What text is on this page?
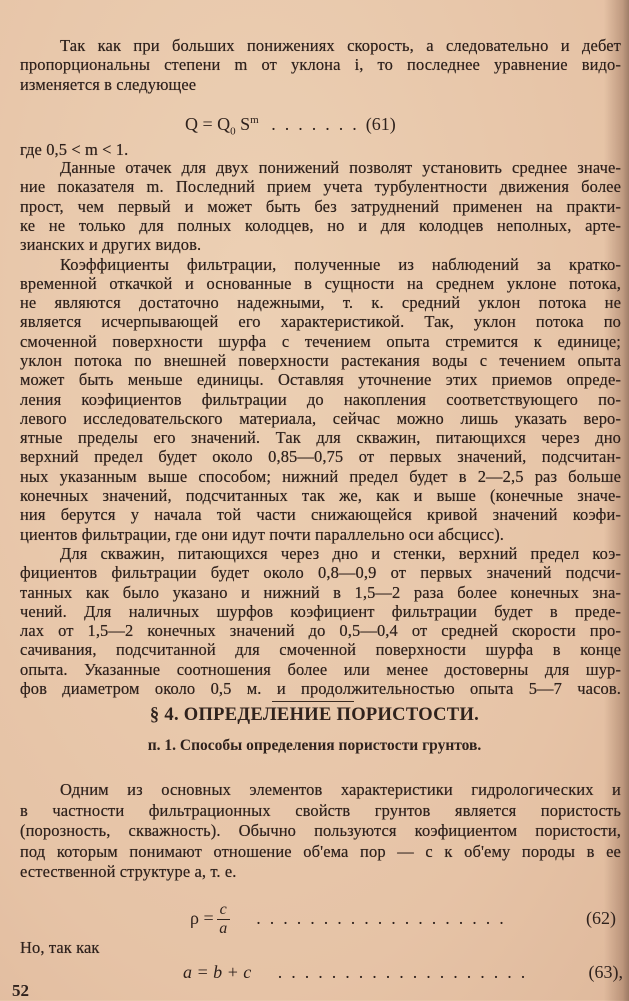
Так как при больших понижениях скорость, а следовательно и дебет
пропорциональны степени m от уклона i, то последнее уравнение видо-
изменяется в следующее
$Q = Q_0$ $S^m$ .......(61)
где 0,5 < m < 1.
Данные отачек для двух понижений позволят установить среднее значе-
ние показателя m. Последний прием учета турбулентности движения более
прост, чем первый и может быть без затруднений применен на практи-
ке не только для полных колодцев, но и для колодцев неполных, арте-
зианских и других видов.
Коэффициенты фильтрации, полученные из наблюдений за кратко-
временной откачкой и основанные в сущности на среднем уклоне потока,
не являются достаточно надежными, т. к. средний уклон потока не
является исчерпывающей его характеристикой. Так, уклон потока по
смоченной поверхности шурфа с течением опыта стремится к единице;
уклон потока по внешней поверхности растекания воды с течением опыта
может быть меньше единицы. Оставляя уточнение этих приемов опреде-
ления коэфициентов фильтрации до накопления соответствующего по-
левого исследовательского материала, сейчас можно лишь указать веро-
ятные пределы его значений. Так для скважин, питающихся через дно
верхний предел будет около 0,85—0,75 от первых значений, подсчитан-
ных указанным выше способом; нижний предел будет в 2—2,5 раз больше
конечных значений, подсчитанных так же, как и выше (конечные значе-
ния берутся у начала той части снижающейся кривой значений коэфи-
циентов фильтрации, где они идут почти параллельно оси абсцисс).
Для скважин, питающихся через дно и стенки, верхний предел коэ-
фициентов фильтрации будет около 0,8—0,9 от первых значений подсчи-
танных как было указано и нижний в 1,5—2 раза более конечных зна-
чений. Для наличных шурфов коэфициент фильтрации будет в преде-
лах от 1,5—2 конечных значений до 0,5—0,4 от средней скорости про-
сачивания, подсчитанной для смоченной поверхности шурфа в конце
опыта. Указанные соотношения более или менее достоверны для шур-
фов диаметром около 0,5 м. и продолжительностью опыта 5—7 часов.
§ 4. ОПРЕДЕЛЕНИЕ ПОРИСТОСТИ.
п. 1. Способы определения пористости грунтов.
Одним из основных элементов характеристики гидрологических и
в частности фильтрационных свойств грунтов является пористость
(порозность, скважность). Обычно пользуются коэфициентом пористости,
под которым понимают отношение об'ема пор — c к об'ему породы в ее
естественной структуре a, т. е.
$\rho = \frac{c}{a}$ ...................	(62)
Но, так как
a = b + c ...................	(63),
52
